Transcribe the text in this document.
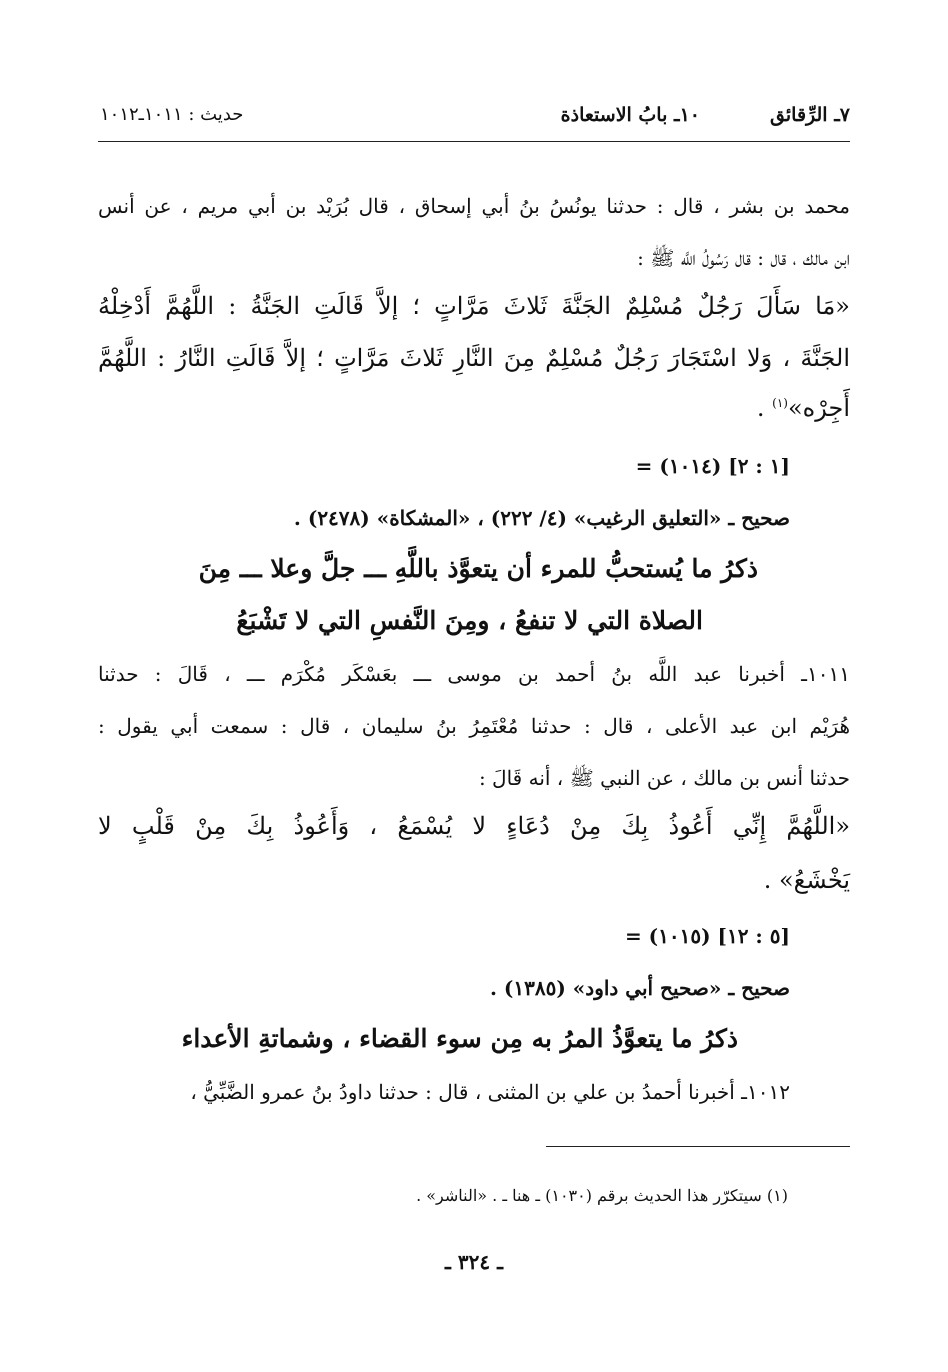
٧ـ الرِّقائق
١٠ـ بابُ الاستعاذة
حديث : ١٠١١ـ١٠١٢
محمد بن بشر ، قال : حدثنا يونُسُ بنُ أبي إسحاق ، قال بُرَيْد بن أبي مريم ، عن أنس
ابن مالك ، قال : قال رَسُولُ اللَّه ﷺ :
«مَا سَأَلَ رَجُلٌ مُسْلِمٌ الجَنَّةَ ثَلاثَ مَرَّاتٍ ؛ إلاَّ قَالَتِ الجَنَّةُ : اللَّهُمَّ أَدْخِلْهُ
الجَنَّةَ ، وَلا اسْتَجَارَ رَجُلٌ مُسْلِمٌ مِنَ النَّارِ ثَلاثَ مَرَّاتٍ ؛ إلاَّ قَالَتِ النَّارُ : اللَّهُمَّ
أَجِرْه»$^{(١)}$ .
= (١٠١٤) [١ : ٢]
صحيح ـ «التعليق الرغيب» (٤/ ٢٢٢) ، «المشكاة» (٢٤٧٨) .
ذكرُ ما يُستحبُّ للمرء أن يتعوَّذ باللَّهِ ـــ جلَّ وعلا ـــ مِنَ
الصلاة التي لا تنفعُ ، ومِنَ النَّفسِ التي لا تَشْبَعُ
١٠١١ـ أخبرنا عبد اللَّه بنُ أحمد بن موسى ـــ بعَسْكَر مُكْرَم ـــ ، قَالَ : حدثنا
هُرَيْم ابن عبد الأعلى ، قال : حدثنا مُعْتَمِرُ بنُ سليمان ، قال : سمعت أبي يقول :
حدثنا أنس بن مالك ، عن النبي ﷺ ، أنه قَالَ :
«اللَّهُمَّ إِنِّي أَعُوذُ بِكَ مِنْ دُعَاءٍ لا يُسْمَعُ ، وَأَعُوذُ بِكَ مِنْ قَلْبٍ لا
يَخْشَعُ» .
= (١٠١٥) [٥ : ١٢]
صحيح ـ «صحيح أبي داود» (١٣٨٥) .
ذكرُ ما يتعوَّذُ المرُ به مِن سوء القضاء ، وشماتةِ الأعداء
١٠١٢ـ أخبرنا أحمدُ بن علي بن المثنى ، قال : حدثنا داودُ بنُ عمرو الضَّبِّيُّ ،
(١) سيتكرّر هذا الحديث برقم (١٠٣٠) ـ هنا ـ . «الناشر» .
ـ ٣٢٤ ـ
